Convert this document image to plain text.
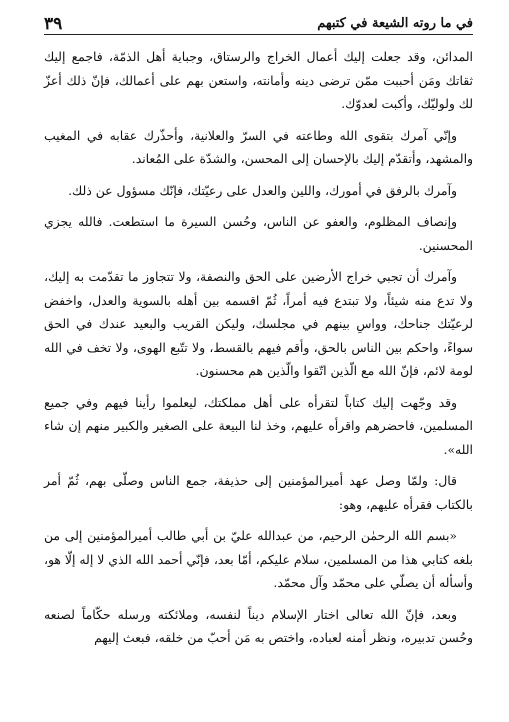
في ما روته الشيعة في كتبهم
٣٩

المدائن، وقد جعلت إليك أعمال الخراج والرستاق، وجباية أهل الذمّة، فاجمع إليك ثقاتك ومَن أحببت ممّن ترضى دينه وأمانته، واستعن بهم على أعمالك، فإنّ ذلك أعزّ لك ولوليّك، وأكبت لعدوّك.

وإنّي آمرك بتقوى الله وطاعته في السرّ والعلانية، وأحذّرك عقابه في المغيب والمشهد، وأتقدّم إليك بالإحسان إلى المحسن، والشدّة على المُعاند.

وآمرك بالرفق في أمورك، واللين والعدل على رعيّتك، فإنّك مسؤول عن ذلك.

وإنصاف المظلوم، والعفو عن الناس، وحُسن السيرة ما استطعت. فالله يجزي المحسنين.

وآمرك أن تجبي خراج الأرضين على الحق والنصفة، ولا تتجاوز ما تقدّمت به إليك، ولا تدع منه شيئاً، ولا تبتدع فيه أمراً، ثُمّ اقسمه بين أهله بالسوية والعدل، واخفض لرعيّتك جناحك، وواسِ بينهم في مجلسك، وليكن القريب والبعيد عندك في الحق سواءً، واحكم بين الناس بالحق، وأقم فيهم بالقسط، ولا تتّبع الهوى، ولا تخف في الله لومة لائم، فإنّ الله مع الّذين اتّقوا والّذين هم محسنون.

وقد وجّهت إليك كتاباً لتقرأه على أهل مملكتك، ليعلموا رأينا فيهم وفي جميع المسلمين، فاحضرهم واقرأه عليهم، وخذ لنا البيعة على الصغير والكبير منهم إن شاء الله».

قال: ولمّا وصل عهد أميرالمؤمنين إلى حذيفة، جمع الناس وصلّى بهم، ثُمّ أمر بالكتاب فقرأه عليهم، وهو:

«بسم الله الرحمٰن الرحيم، من عبدالله عليّ بن أبي طالب أميرالمؤمنين إلى من بلغه كتابي هذا من المسلمين، سلام عليكم، أمّا بعد، فإنّي أحمد الله الذي لا إله إلّا هو، وأسأله أن يصلّي على محمّد وآل محمّد.

وبعد، فإنّ الله تعالى اختار الإسلام ديناً لنفسه، وملائكته ورسله حكّاماً لصنعه وحُسن تدبيره، ونظر أمنه لعباده، واختص به مَن أحبّ من خلقه، فبعث إليهم
